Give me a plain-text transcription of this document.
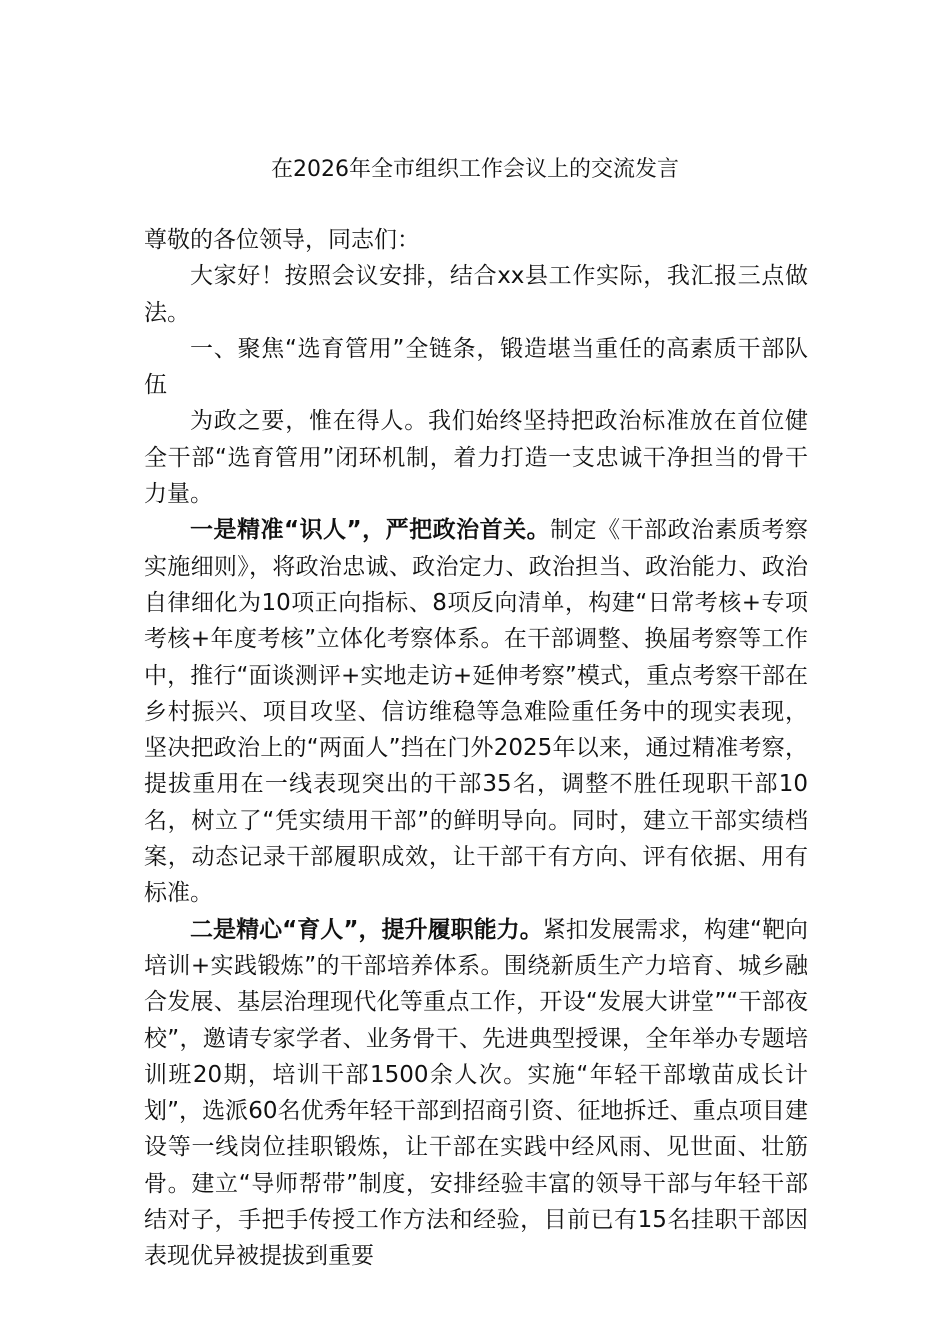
在2026年全市组织工作会议上的交流发言

尊敬的各位领导，同志们：

大家好！按照会议安排，结合xx县工作实际，我汇报三点做法。

一、聚焦“选育管用”全链条，锻造堪当重任的高素质干部队伍

为政之要，惟在得人。我们始终坚持把政治标准放在首位健全干部“选育管用”闭环机制，着力打造一支忠诚干净担当的骨干力量。

一是精准“识人”，严把政治首关。制定《干部政治素质考察实施细则》，将政治忠诚、政治定力、政治担当、政治能力、政治自律细化为10项正向指标、8项反向清单，构建“日常考核+专项考核+年度考核”立体化考察体系。在干部调整、换届考察等工作中，推行“面谈测评+实地走访+延伸考察”模式，重点考察干部在乡村振兴、项目攻坚、信访维稳等急难险重任务中的现实表现，坚决把政治上的“两面人”挡在门外2025年以来，通过精准考察，提拔重用在一线表现突出的干部35名，调整不胜任现职干部10名，树立了“凭实绩用干部”的鲜明导向。同时，建立干部实绩档案，动态记录干部履职成效，让干部干有方向、评有依据、用有标准。

二是精心“育人”，提升履职能力。紧扣发展需求，构建“靶向培训+实践锻炼”的干部培养体系。围绕新质生产力培育、城乡融合发展、基层治理现代化等重点工作，开设“发展大讲堂”“干部夜校”，邀请专家学者、业务骨干、先进典型授课，全年举办专题培训班20期，培训干部1500余人次。实施“年轻干部墩苗成长计划”，选派60名优秀年轻干部到招商引资、征地拆迁、重点项目建设等一线岗位挂职锻炼，让干部在实践中经风雨、见世面、壮筋骨。建立“导师帮带”制度，安排经验丰富的领导干部与年轻干部结对子，手把手传授工作方法和经验，目前已有15名挂职干部因表现优异被提拔到重要
